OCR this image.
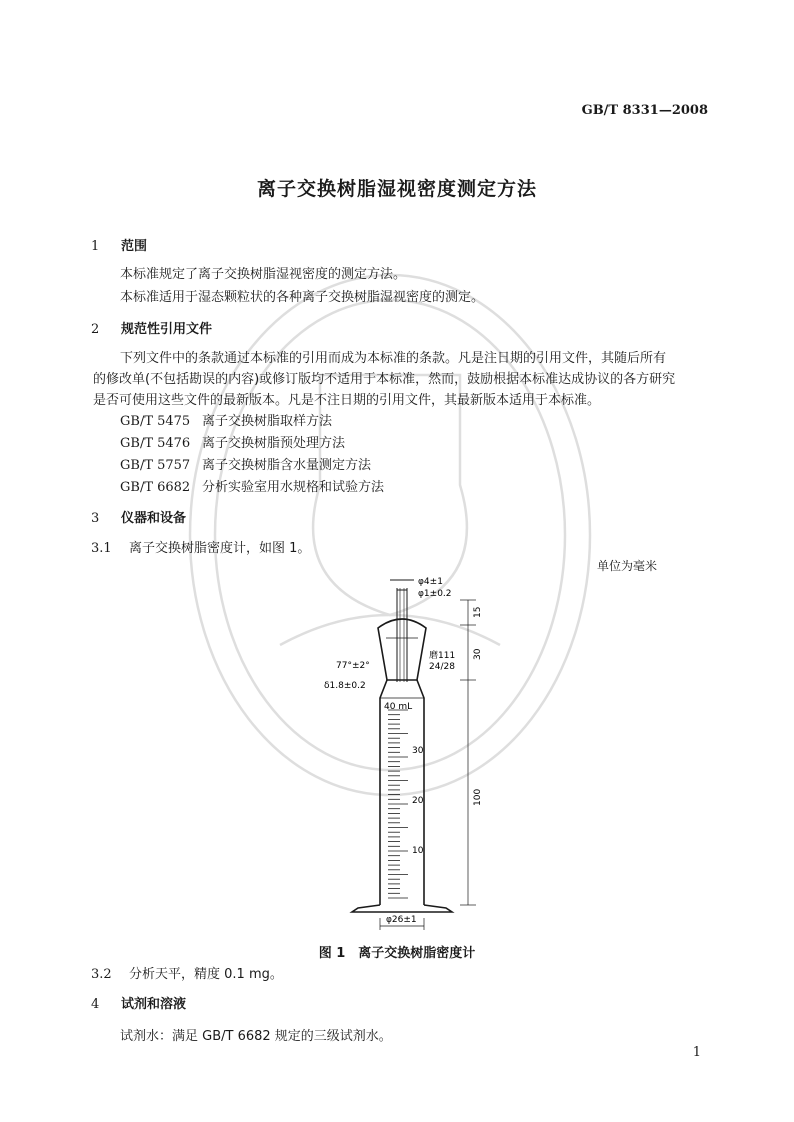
GB/T 8331—2008
离子交换树脂湿视密度测定方法
1 范围
本标准规定了离子交换树脂湿视密度的测定方法。
本标准适用于湿态颗粒状的各种离子交换树脂湿视密度的测定。
2 规范性引用文件
下列文件中的条款通过本标准的引用而成为本标准的条款。凡是注日期的引用文件，其随后所有
的修改单(不包括勘误的内容)或修订版均不适用于本标准，然而，鼓励根据本标准达成协议的各方研究
是否可使用这些文件的最新版本。凡是不注日期的引用文件，其最新版本适用于本标准。
GB/T 5475 离子交换树脂取样方法
GB/T 5476 离子交换树脂预处理方法
GB/T 5757 离子交换树脂含水量测定方法
GB/T 6682 分析实验室用水规格和试验方法
3 仪器和设备
3.1 离子交换树脂密度计，如图 1。
单位为毫米
φ4±1
φ1±0.2
77°±2°
δ1.8±0.2
磨111
24/28
40 mL
30
20
10
15
30
100
φ26±1
图 1　离子交换树脂密度计
3.2 分析天平，精度 0.1 mg。
4 试剂和溶液
试剂水：满足 GB/T 6682 规定的三级试剂水。
1
